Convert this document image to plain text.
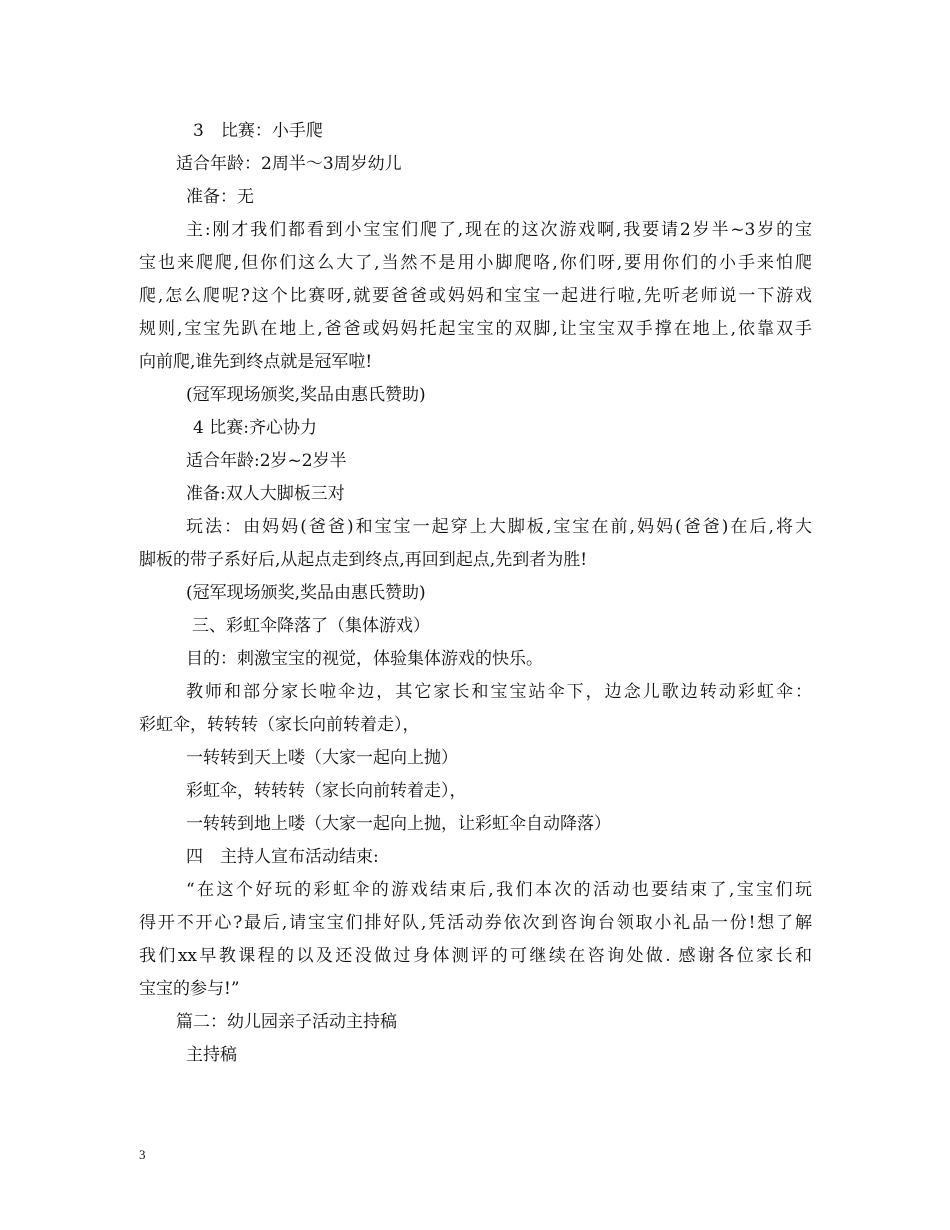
3　比赛：小手爬
适合年龄：2周半～3周岁幼儿
准备：无
主:刚才我们都看到小宝宝们爬了,现在的这次游戏啊,我要请2岁半~3岁的宝
宝也来爬爬,但你们这么大了,当然不是用小脚爬咯,你们呀,要用你们的小手来怕爬
爬,怎么爬呢?这个比赛呀,就要爸爸或妈妈和宝宝一起进行啦,先听老师说一下游戏
规则,宝宝先趴在地上,爸爸或妈妈托起宝宝的双脚,让宝宝双手撑在地上,依靠双手
向前爬,谁先到终点就是冠军啦!
(冠军现场颁奖,奖品由惠氏赞助)
4 比赛:齐心协力
适合年龄:2岁~2岁半
准备:双人大脚板三对
玩法：由妈妈(爸爸)和宝宝一起穿上大脚板,宝宝在前,妈妈(爸爸)在后,将大
脚板的带子系好后,从起点走到终点,再回到起点,先到者为胜!
(冠军现场颁奖,奖品由惠氏赞助)
三、彩虹伞降落了（集体游戏）
目的：刺激宝宝的视觉，体验集体游戏的快乐。
教师和部分家长啦伞边，其它家长和宝宝站伞下，边念儿歌边转动彩虹伞：
彩虹伞，转转转（家长向前转着走），
一转转到天上喽（大家一起向上抛）
彩虹伞，转转转（家长向前转着走），
一转转到地上喽（大家一起向上抛，让彩虹伞自动降落）
四　主持人宣布活动结束:
“在这个好玩的彩虹伞的游戏结束后,我们本次的活动也要结束了,宝宝们玩
得开不开心?最后,请宝宝们排好队,凭活动券依次到咨询台领取小礼品一份!想了解
我们xx早教课程的以及还没做过身体测评的可继续在咨询处做. 感谢各位家长和
宝宝的参与!”
篇二：幼儿园亲子活动主持稿
主持稿
3
